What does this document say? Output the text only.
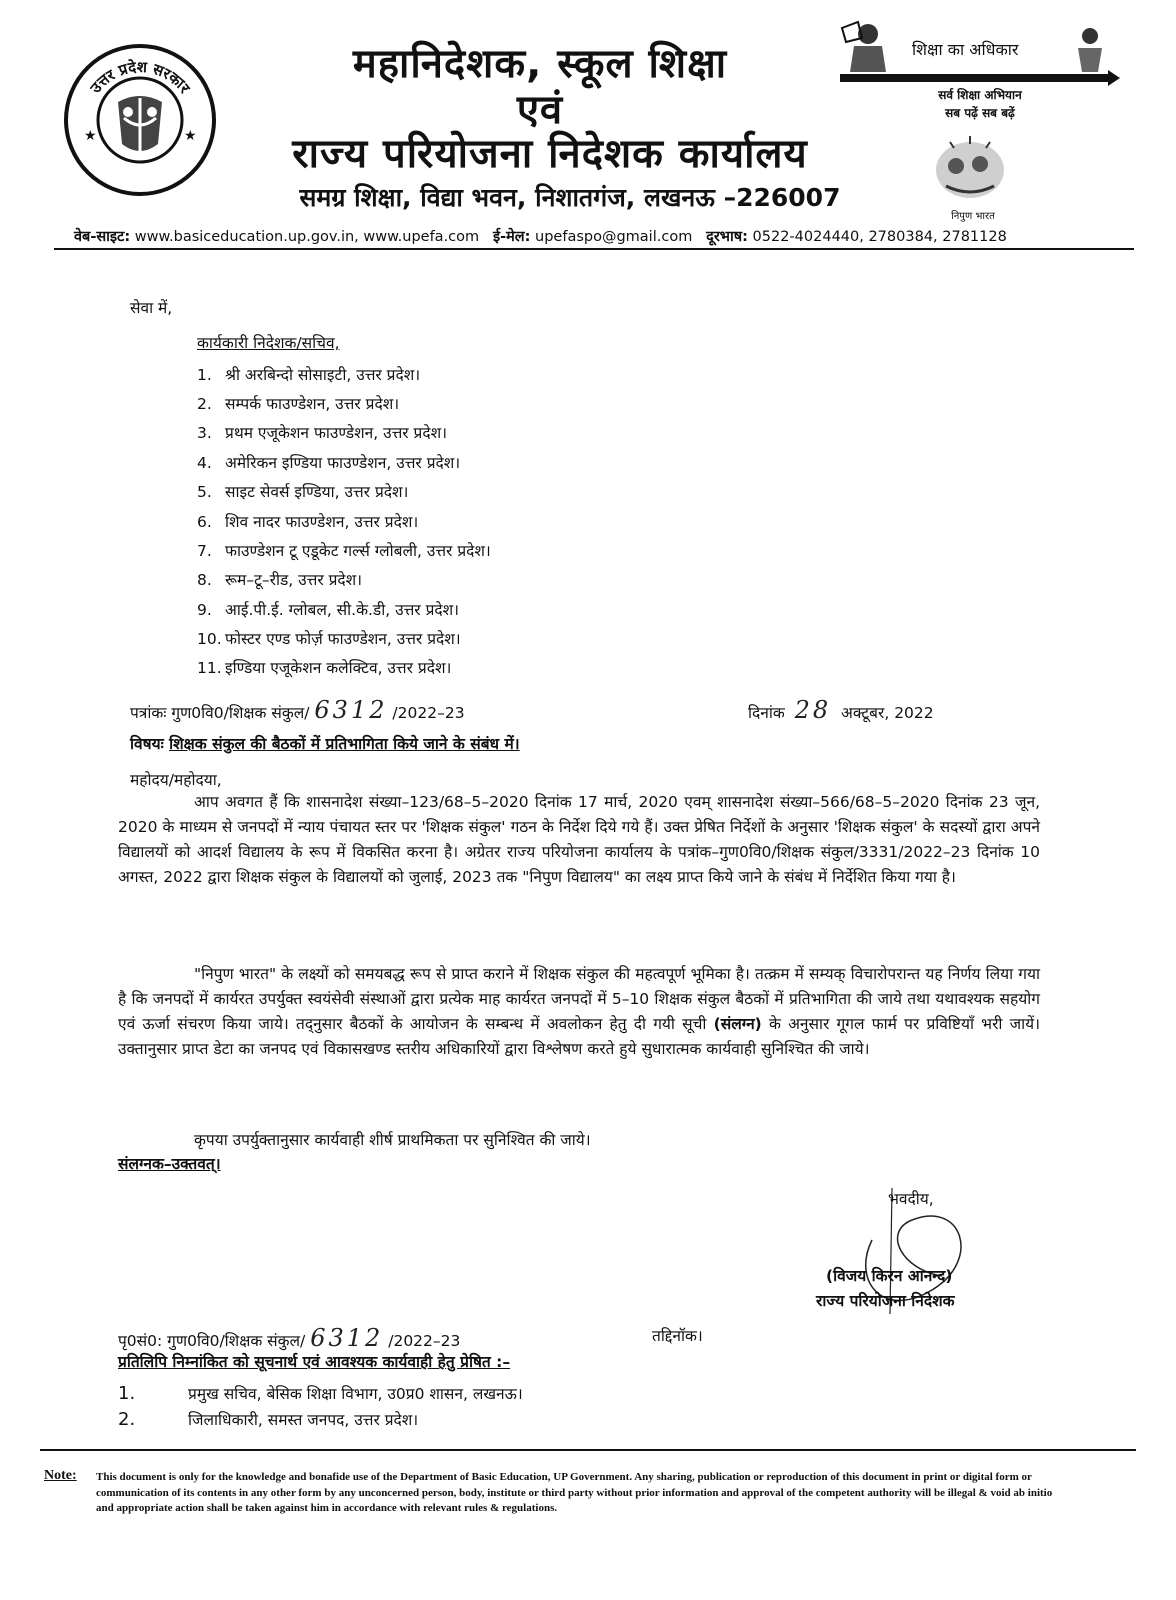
उत्तर प्रदेश सरकार
★	★
महानिदेशक, स्कूल शिक्षा
एवं
राज्य परियोजना निदेशक कार्यालय
समग्र शिक्षा, विद्या भवन, निशातगंज, लखनऊ –226007
शिक्षा का अधिकार
सर्व शिक्षा अभियान
सब पढ़ें सब बढ़ें
निपुण भारत
वेब-साइट: www.basiceducation.up.gov.in, www.upefa.com ई-मेल: upefaspo@gmail.com दूरभाष: 0522-4024440, 2780384, 2781128
सेवा में,
कार्यकारी निदेशक/सचिव,
1. श्री अरबिन्दो सोसाइटी, उत्तर प्रदेश।
2. सम्पर्क फाउण्डेशन, उत्तर प्रदेश।
3. प्रथम एजूकेशन फाउण्डेशन, उत्तर प्रदेश।
4. अमेरिकन इण्डिया फाउण्डेशन, उत्तर प्रदेश।
5. साइट सेवर्स इण्डिया, उत्तर प्रदेश।
6. शिव नादर फाउण्डेशन, उत्तर प्रदेश।
7. फाउण्डेशन टू एडूकेट गर्ल्स ग्लोबली, उत्तर प्रदेश।
8. रूम–टू–रीड, उत्तर प्रदेश।
9. आई.पी.ई. ग्लोबल, सी.के.डी, उत्तर प्रदेश।
10. फोस्टर एण्ड फोर्ज़ फाउण्डेशन, उत्तर प्रदेश।
11. इण्डिया एजूकेशन कलेक्टिव, उत्तर प्रदेश।
पत्रांकः गुण0वि0/शिक्षक संकुल/ 6312 /2022–23	दिनांक 28 अक्टूबर, 2022
विषयः शिक्षक संकुल की बैठकों में प्रतिभागिता किये जाने के संबंध में।
महोदय/महोदया,
आप अवगत हैं कि शासनादेश संख्या–123/68–5–2020 दिनांक 17 मार्च, 2020 एवम् शासनादेश संख्या–566/68–5–2020 दिनांक 23 जून, 2020 के माध्यम से जनपदों में न्याय पंचायत स्तर पर 'शिक्षक संकुल' गठन के निर्देश दिये गये हैं। उक्त प्रेषित निर्देशों के अनुसार 'शिक्षक संकुल' के सदस्यों द्वारा अपने विद्यालयों को आदर्श विद्यालय के रूप में विकसित करना है। अग्रेतर राज्य परियोजना कार्यालय के पत्रांक–गुण0वि0/शिक्षक संकुल/3331/2022–23 दिनांक 10 अगस्त, 2022 द्वारा शिक्षक संकुल के विद्यालयों को जुलाई, 2023 तक "निपुण विद्यालय" का लक्ष्य प्राप्त किये जाने के संबंध में निर्देशित किया गया है।
"निपुण भारत" के लक्ष्यों को समयबद्ध रूप से प्राप्त कराने में शिक्षक संकुल की महत्वपूर्ण भूमिका है। तत्क्रम में सम्यक् विचारोपरान्त यह निर्णय लिया गया है कि जनपदों में कार्यरत उपर्युक्त स्वयंसेवी संस्थाओं द्वारा प्रत्येक माह कार्यरत जनपदों में 5–10 शिक्षक संकुल बैठकों में प्रतिभागिता की जाये तथा यथावश्यक सहयोग एवं ऊर्जा संचरण किया जाये। तद्नुसार बैठकों के आयोजन के सम्बन्ध में अवलोकन हेतु दी गयी सूची (संलग्न) के अनुसार गूगल फार्म पर प्रविष्टियाँ भरी जायें। उक्तानुसार प्राप्त डेटा का जनपद एवं विकासखण्ड स्तरीय अधिकारियों द्वारा विश्लेषण करते हुये सुधारात्मक कार्यवाही सुनिश्चित की जाये।
कृपया उपर्युक्तानुसार कार्यवाही शीर्ष प्राथमिकता पर सुनिश्वित की जाये।
संलग्नक–उक्तवत्।
भवदीय,
(विजय किरन आनन्द)
राज्य परियोजना निदेशक
पृ0सं0: गुण0वि0/शिक्षक संकुल/ 6312 /2022–23	तद्दिनॉक।
प्रतिलिपि निम्नांकित को सूचनार्थ एवं आवश्यक कार्यवाही हेतु प्रेषित :–
1.	प्रमुख सचिव, बेसिक शिक्षा विभाग, उ0प्र0 शासन, लखनऊ।
2.	जिलाधिकारी, समस्त जनपद, उत्तर प्रदेश।
Note: This document is only for the knowledge and bonafide use of the Department of Basic Education, UP Government. Any sharing, publication or reproduction of this document in print or digital form or communication of its contents in any other form by any unconcerned person, body, institute or third party without prior information and approval of the competent authority will be illegal & void ab initio and appropriate action shall be taken against him in accordance with relevant rules & regulations.
